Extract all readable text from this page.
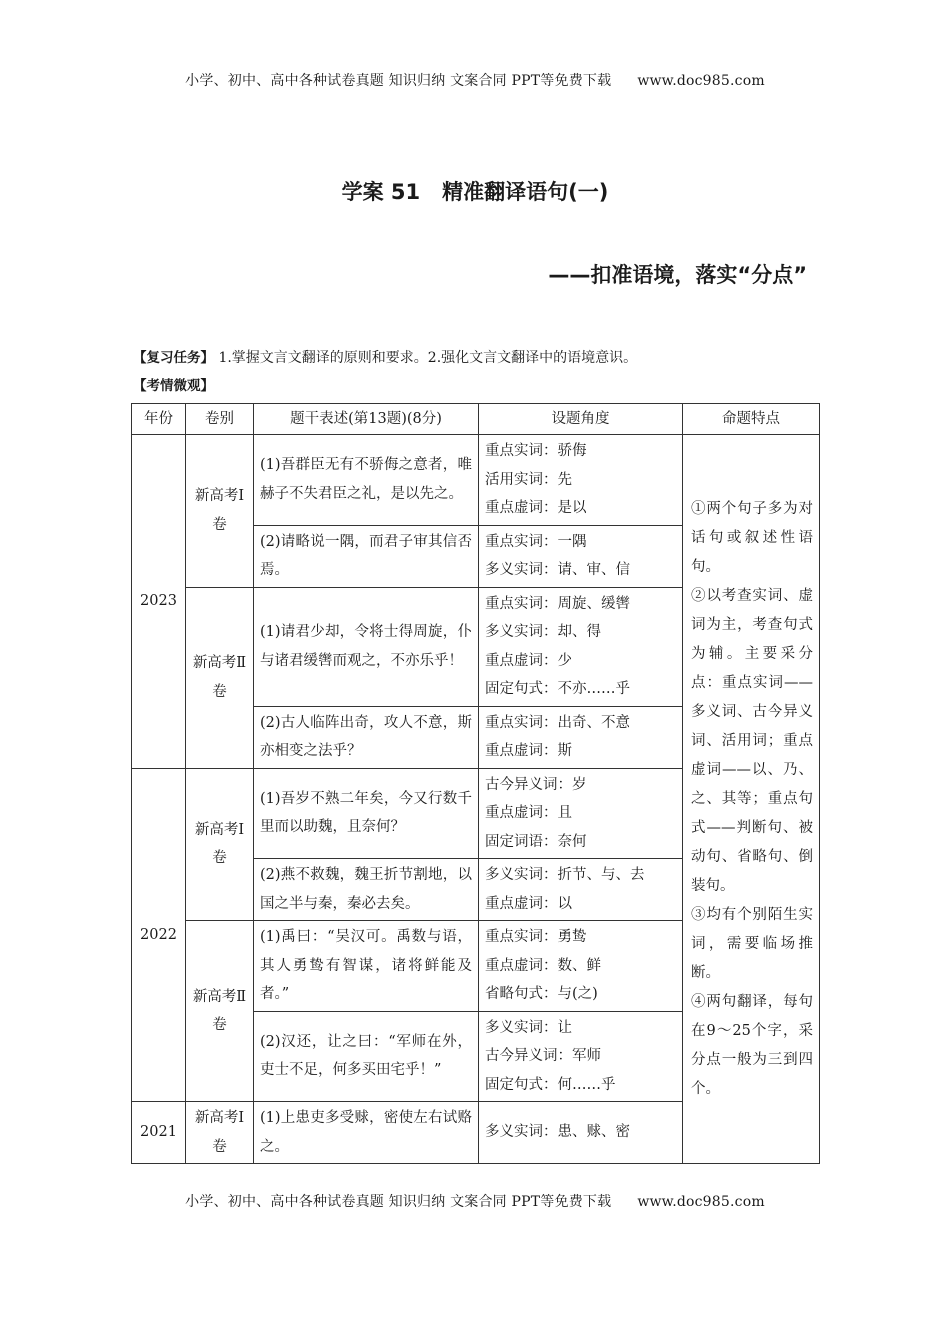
小学、初中、高中各种试卷真题 知识归纳 文案合同 PPT等免费下载 www.doc985.com
学案 51 精准翻译语句(一)
——扣准语境，落实“分点”
【复习任务】 1.掌握文言文翻译的原则和要求。2.强化文言文翻译中的语境意识。
【考情微观】
年份	卷别	题干表述(第13题)(8分)	设题角度	命题特点
2023	新高考Ⅰ卷	(1)吾群臣无有不骄侮之意者，唯赫子不失君臣之礼，是以先之。	重点实词：骄侮
活用实词：先
重点虚词：是以	①两个句子多为对话句或叙述性语句。
②以考查实词、虚词为主，考查句式为辅。主要采分点：重点实词——多义词、古今异义词、活用词；重点虚词——以、乃、之、其等；重点句式——判断句、被动句、省略句、倒装句。
③均有个别陌生实词，需要临场推断。
④两句翻译，每句在9～25个字，采分点一般为三到四个。

		(2)请略说一隅，而君子审其信否焉。	重点实词：一隅
多义实词：请、审、信	

	新高考Ⅱ卷	(1)请君少却，令将士得周旋，仆与诸君缓辔而观之，不亦乐乎！	重点实词：周旋、缓辔
多义实词：却、得
重点虚词：少
固定句式：不亦……乎	

		(2)古人临阵出奇，攻人不意，斯亦相变之法乎？	重点实词：出奇、不意
重点虚词：斯	

2022	新高考Ⅰ卷	(1)吾岁不熟二年矣，今又行数千里而以助魏，且奈何？	古今异义词：岁
重点虚词：且
固定词语：奈何	

		(2)燕不救魏，魏王折节割地，以国之半与秦，秦必去矣。	多义实词：折节、与、去
重点虚词：以	

	新高考Ⅱ卷	(1)禹曰：“吴汉可。禹数与语，其人勇鸷有智谋，诸将鲜能及者。”	重点实词：勇鸷
重点虚词：数、鲜
省略句式：与(之)	

		(2)汉还，让之曰：“军师在外，吏士不足，何多买田宅乎！”	多义实词：让
古今异义词：军师
固定句式：何……乎	

2021	新高考Ⅰ卷	(1)上患吏多受赇，密使左右试赂之。	多义实词：患、赇、密	
小学、初中、高中各种试卷真题 知识归纳 文案合同 PPT等免费下载 www.doc985.com
